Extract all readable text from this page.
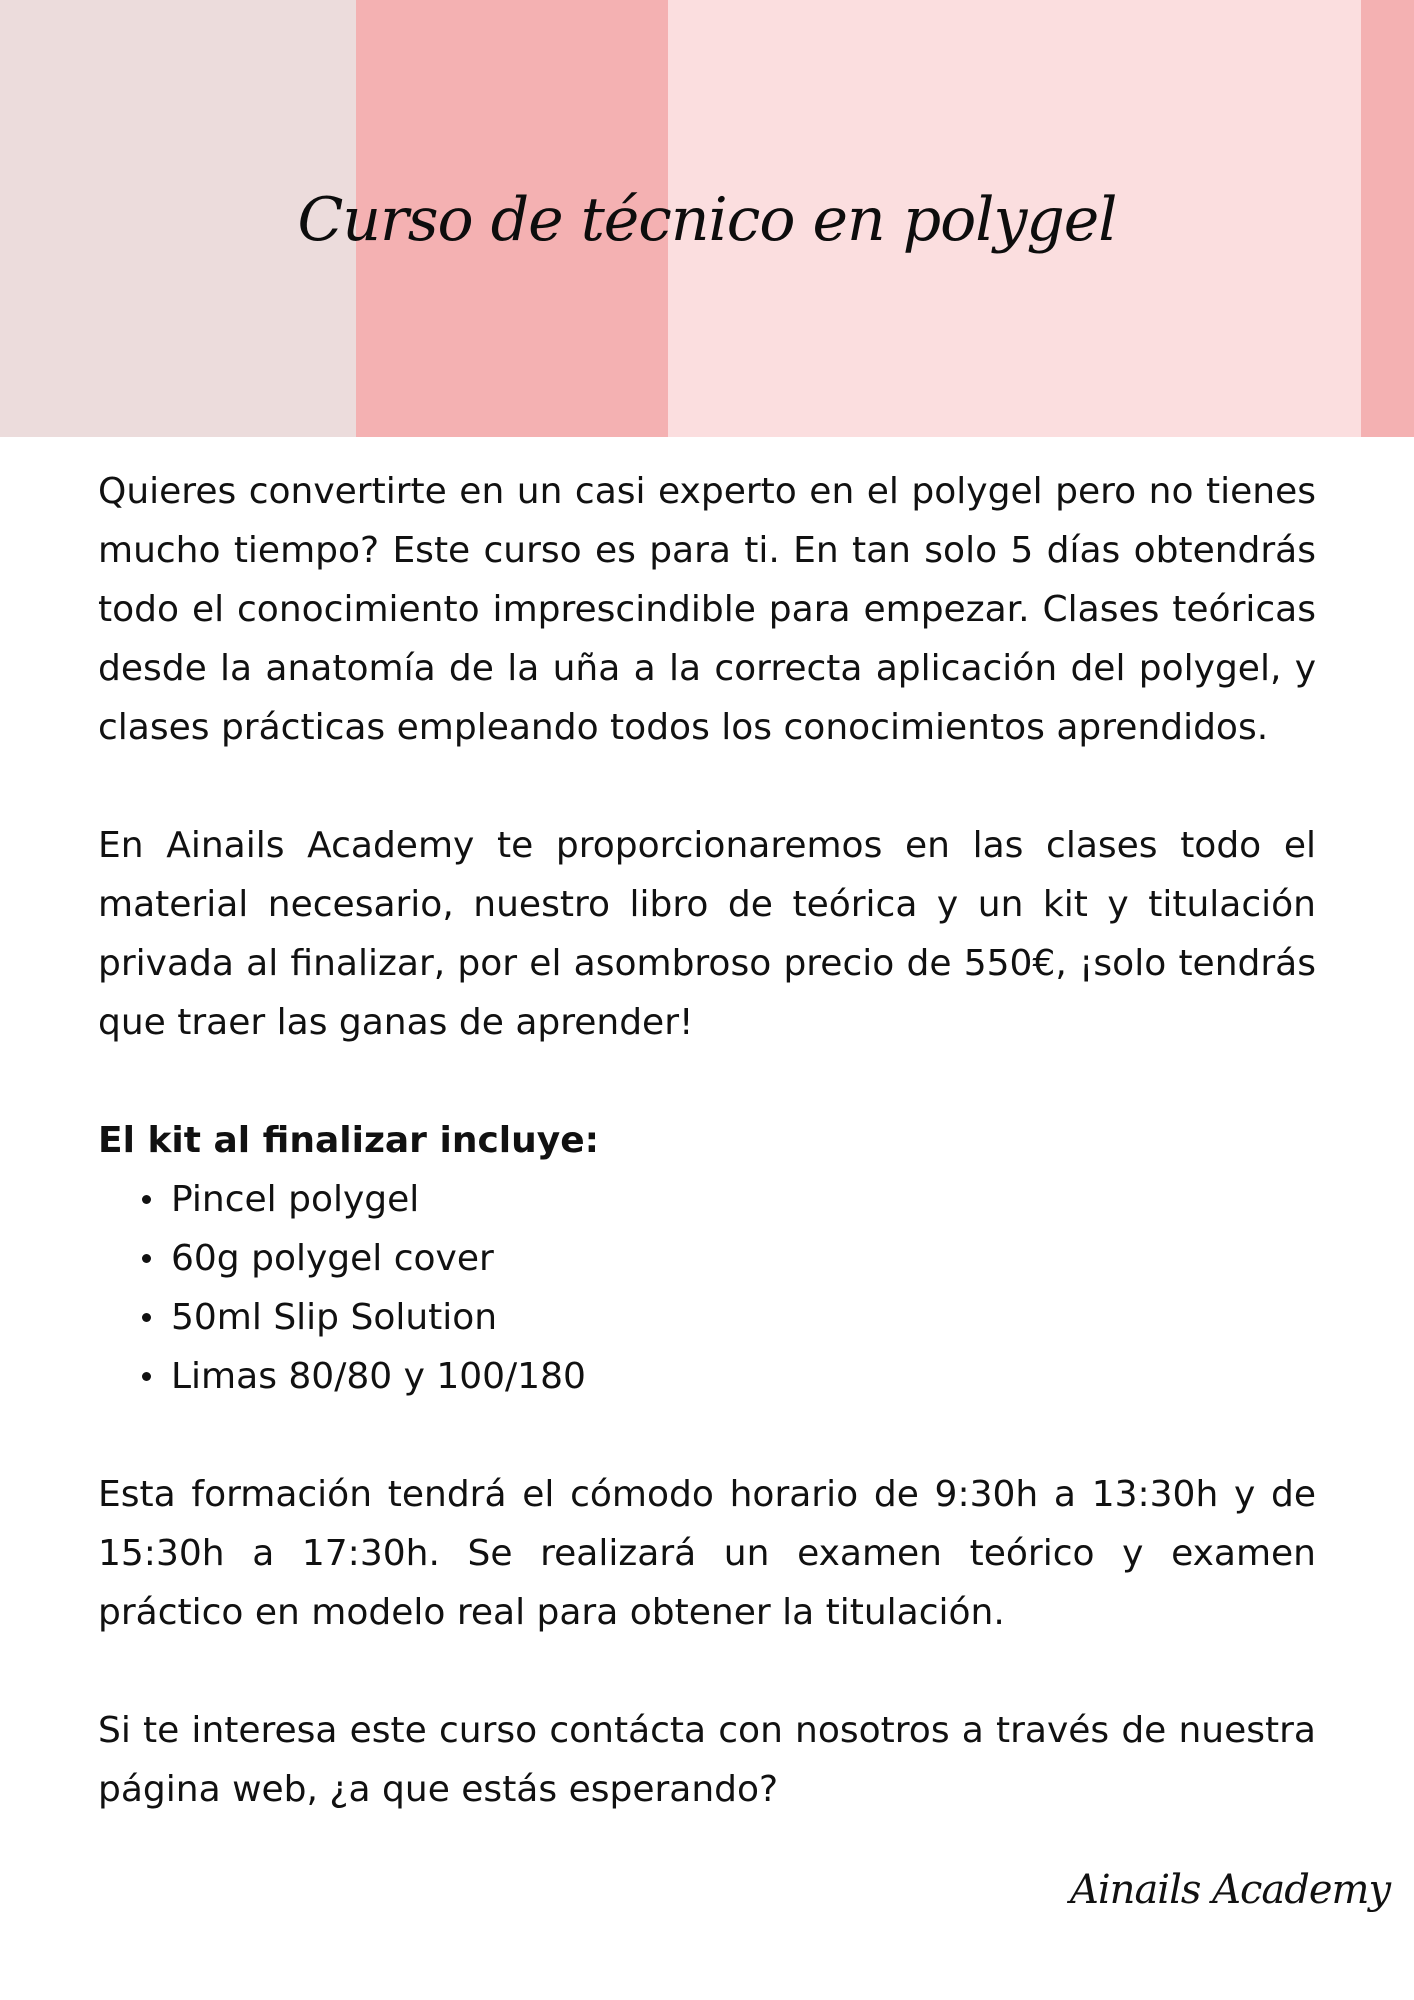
Curso de técnico en polygel

Quieres convertirte en un casi experto en el polygel pero no tienes mucho tiempo? Este curso es para ti. En tan solo 5 días obtendrás todo el conocimiento imprescindible para empezar. Clases teóricas desde la anatomía de la uña a la correcta aplicación del polygel, y clases prácticas empleando todos los conocimientos aprendidos.

En Ainails Academy te proporcionaremos en las clases todo el material necesario, nuestro libro de teórica y un kit y titulación privada al finalizar, por el asombroso precio de 550€, ¡solo tendrás que traer las ganas de aprender!

El kit al finalizar incluye:
Pincel polygel
60g polygel cover
50ml Slip Solution
Limas 80/80 y 100/180

Esta formación tendrá el cómodo horario de 9:30h a 13:30h y de 15:30h a 17:30h. Se realizará un examen teórico y examen práctico en modelo real para obtener la titulación.

Si te interesa este curso contácta con nosotros a través de nuestra página web, ¿a que estás esperando?

Ainails Academy
